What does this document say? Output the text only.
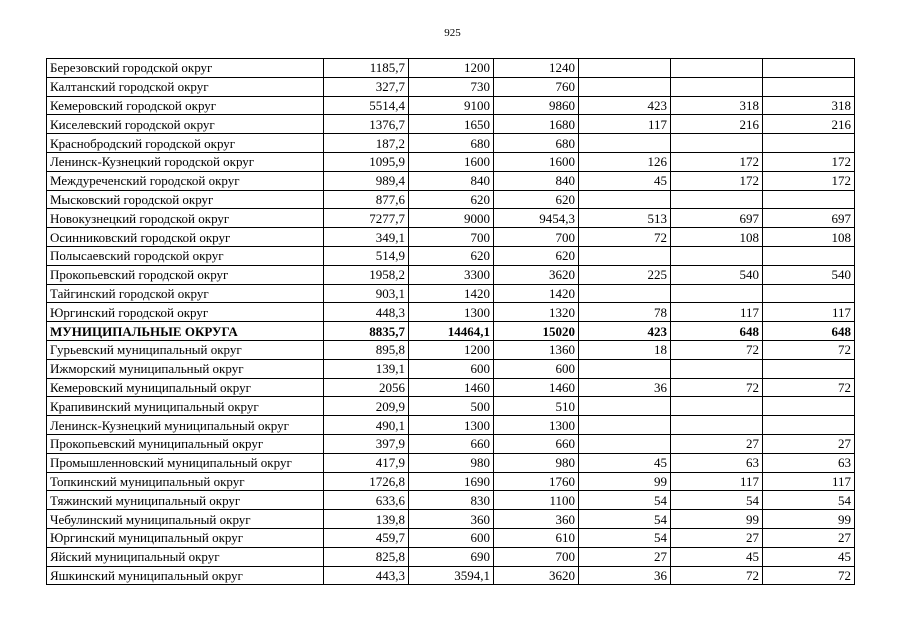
925
Березовский городской округ	1185,7	1200	1240			
Калтанский городской округ	327,7	730	760			
Кемеровский городской округ	5514,4	9100	9860	423	318	318
Киселевский городской округ	1376,7	1650	1680	117	216	216
Краснобродский городской округ	187,2	680	680			
Ленинск-Кузнецкий городской округ	1095,9	1600	1600	126	172	172
Междуреченский городской округ	989,4	840	840	45	172	172
Мысковский городской округ	877,6	620	620			
Новокузнецкий городской округ	7277,7	9000	9454,3	513	697	697
Осинниковский городской округ	349,1	700	700	72	108	108
Полысаевский городской округ	514,9	620	620			
Прокопьевский городской округ	1958,2	3300	3620	225	540	540
Тайгинский городской округ	903,1	1420	1420			
Юргинский городской округ	448,3	1300	1320	78	117	117
МУНИЦИПАЛЬНЫЕ ОКРУГА	8835,7	14464,1	15020	423	648	648
Гурьевский муниципальный округ	895,8	1200	1360	18	72	72
Ижморский муниципальный округ	139,1	600	600			
Кемеровский муниципальный округ	2056	1460	1460	36	72	72
Крапивинский муниципальный округ	209,9	500	510			
Ленинск-Кузнецкий муниципальный округ	490,1	1300	1300			
Прокопьевский муниципальный округ	397,9	660	660		27	27
Промышленновский муниципальный округ	417,9	980	980	45	63	63
Топкинский муниципальный округ	1726,8	1690	1760	99	117	117
Тяжинский муниципальный округ	633,6	830	1100	54	54	54
Чебулинский муниципальный округ	139,8	360	360	54	99	99
Юргинский муниципальный округ	459,7	600	610	54	27	27
Яйский муниципальный округ	825,8	690	700	27	45	45
Яшкинский муниципальный округ	443,3	3594,1	3620	36	72	72
